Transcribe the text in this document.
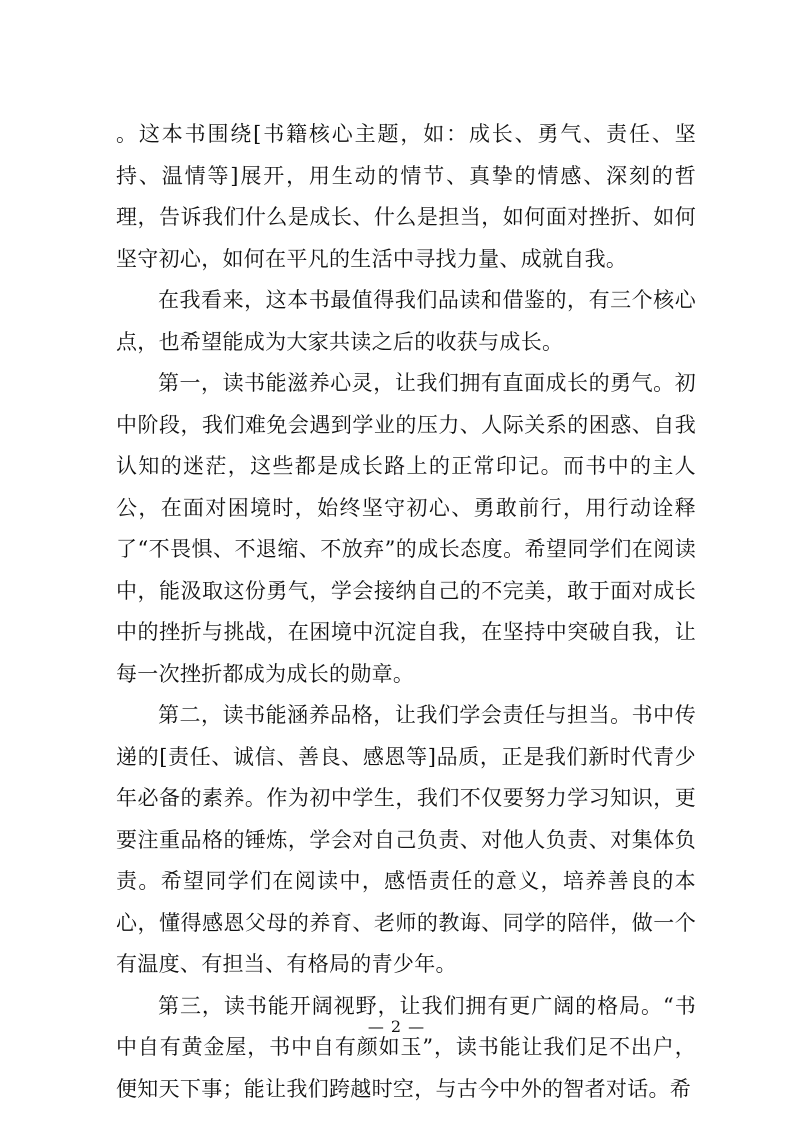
。这本书围绕[书籍核心主题，如：成长、勇气、责任、坚持、温情等]展开，用生动的情节、真挚的情感、深刻的哲理，告诉我们什么是成长、什么是担当，如何面对挫折、如何坚守初心，如何在平凡的生活中寻找力量、成就自我。

在我看来，这本书最值得我们品读和借鉴的，有三个核心点，也希望能成为大家共读之后的收获与成长。

第一，读书能滋养心灵，让我们拥有直面成长的勇气。初中阶段，我们难免会遇到学业的压力、人际关系的困惑、自我认知的迷茫，这些都是成长路上的正常印记。而书中的主人公，在面对困境时，始终坚守初心、勇敢前行，用行动诠释了“不畏惧、不退缩、不放弃”的成长态度。希望同学们在阅读中，能汲取这份勇气，学会接纳自己的不完美，敢于面对成长中的挫折与挑战，在困境中沉淀自我，在坚持中突破自我，让每一次挫折都成为成长的勋章。

第二，读书能涵养品格，让我们学会责任与担当。书中传递的[责任、诚信、善良、感恩等]品质，正是我们新时代青少年必备的素养。作为初中学生，我们不仅要努力学习知识，更要注重品格的锤炼，学会对自己负责、对他人负责、对集体负责。希望同学们在阅读中，感悟责任的意义，培养善良的本心，懂得感恩父母的养育、老师的教诲、同学的陪伴，做一个有温度、有担当、有格局的青少年。

第三，读书能开阔视野，让我们拥有更广阔的格局。“书中自有黄金屋，书中自有颜如玉”，读书能让我们足不出户，便知天下事；能让我们跨越时空，与古今中外的智者对话。希

— 2 —
